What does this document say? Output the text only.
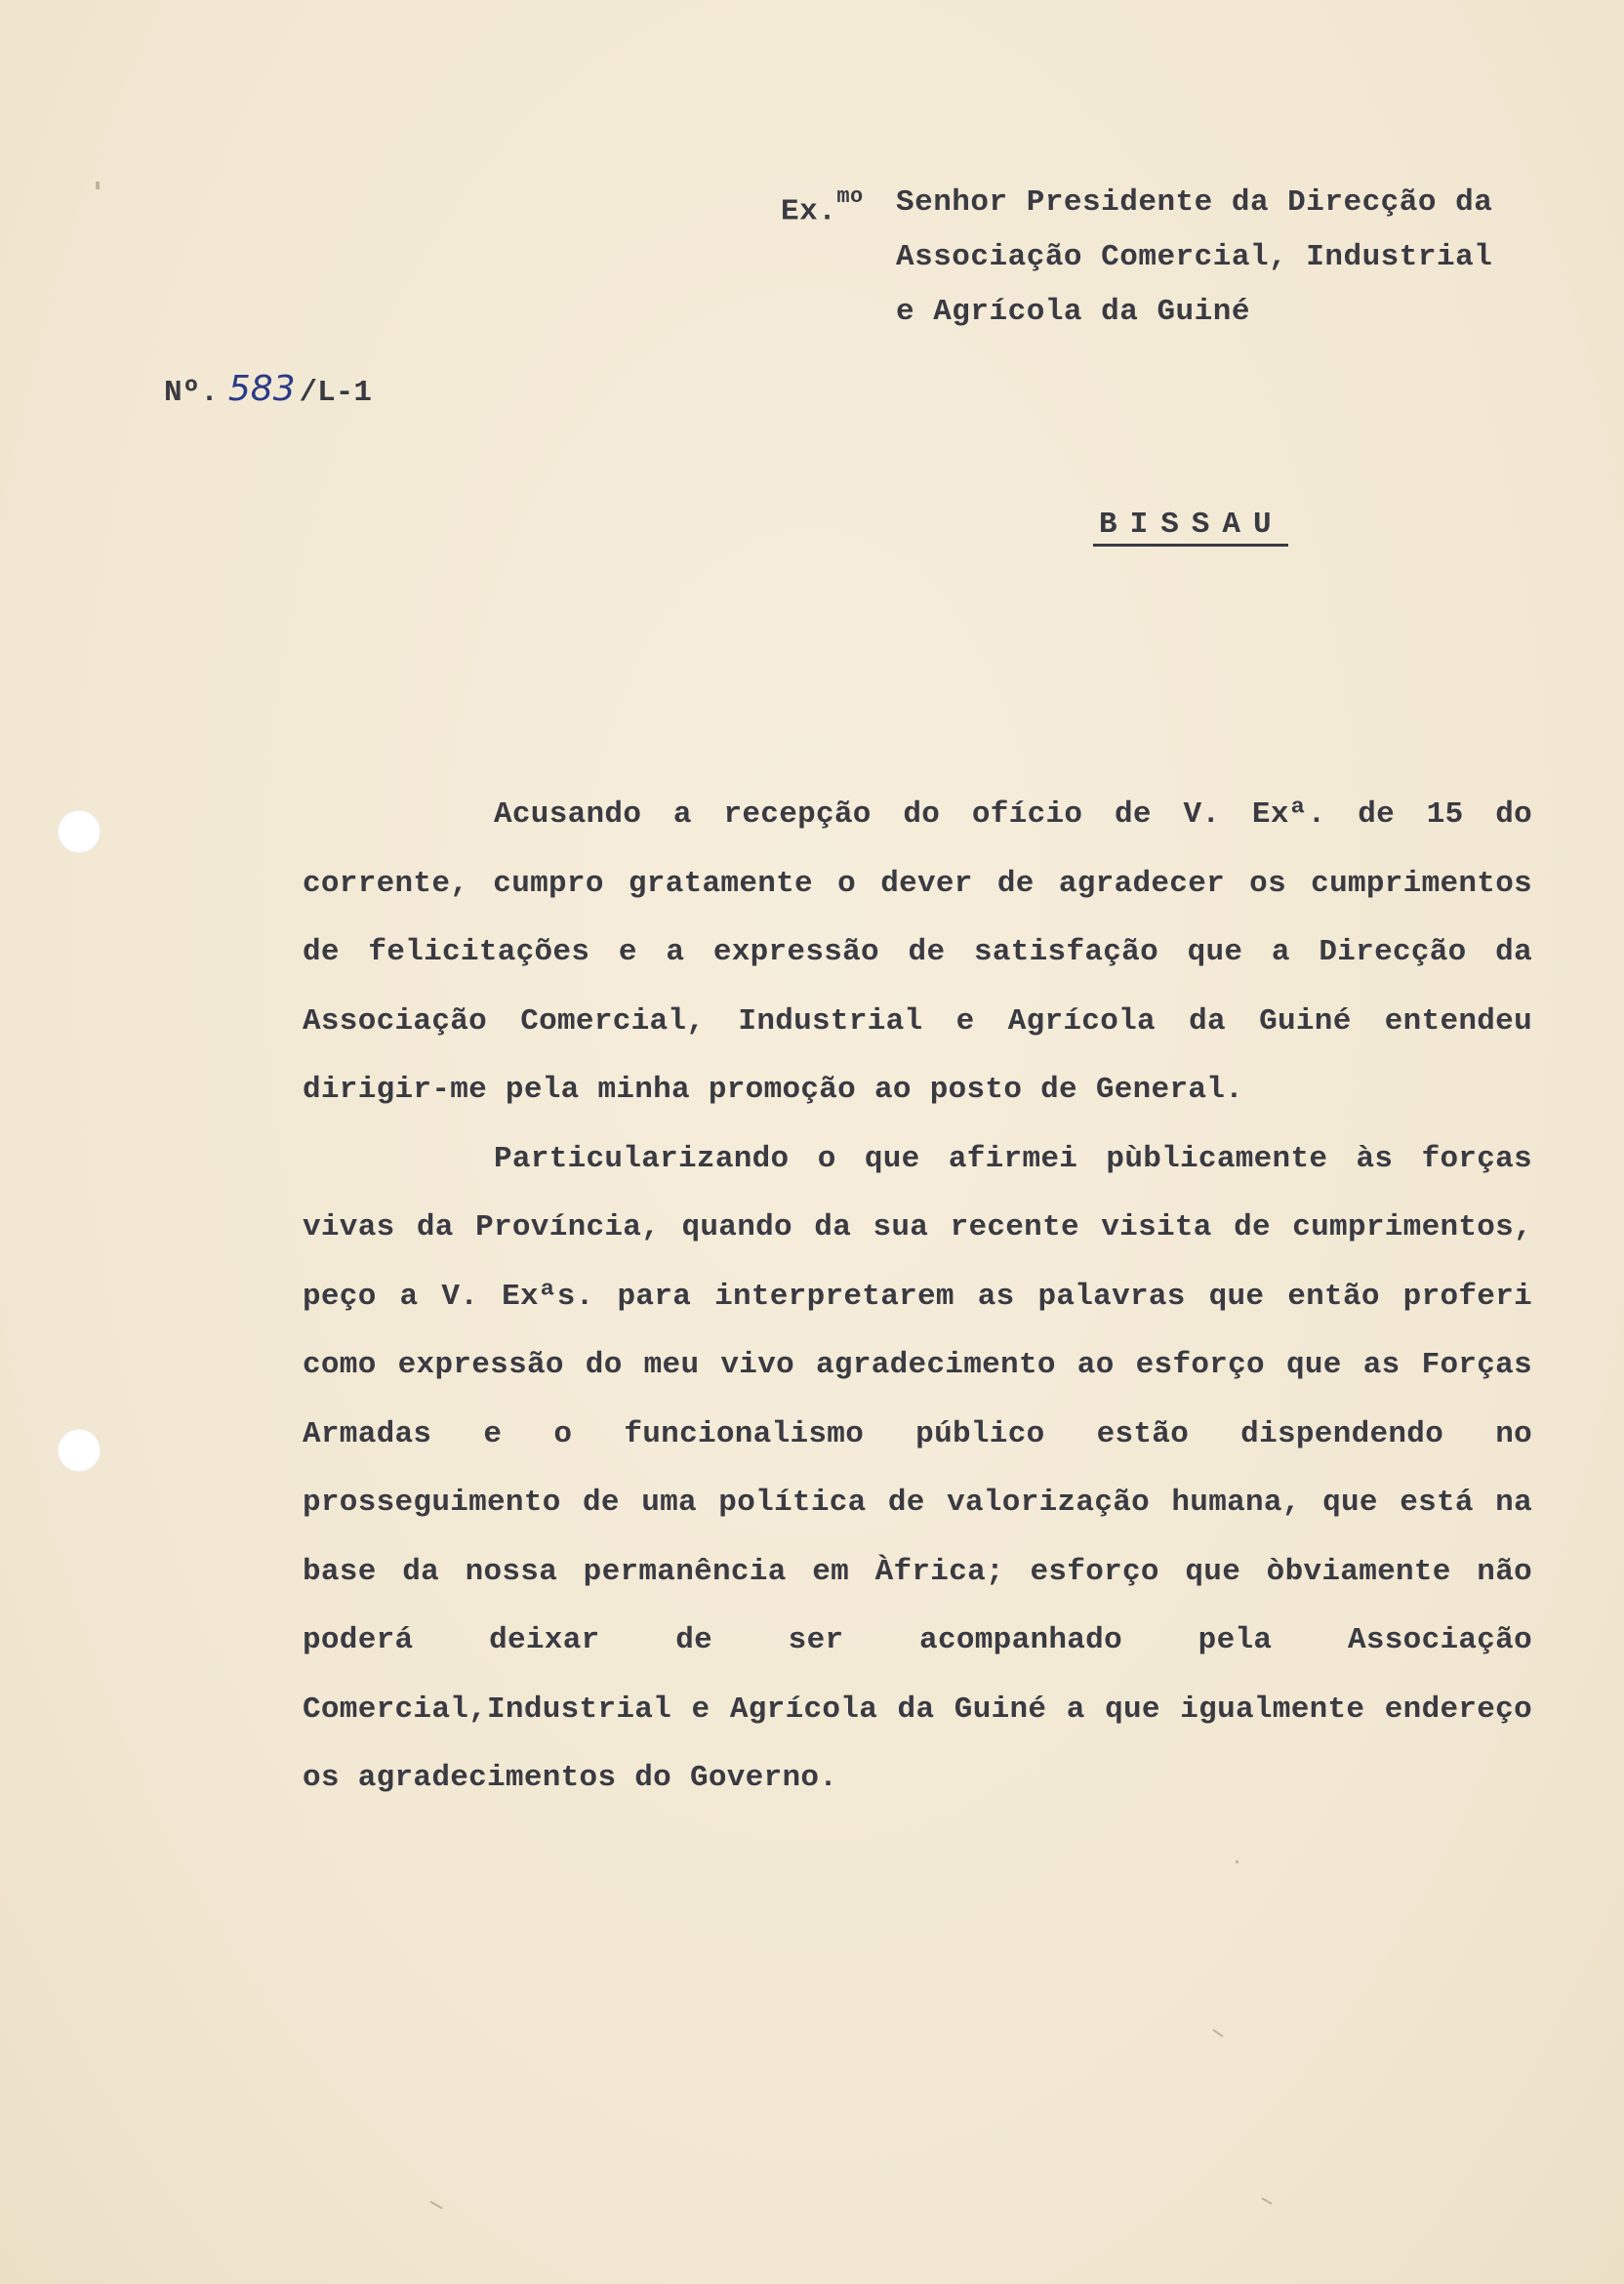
Ex.$^{mo}$	Senhor Presidente da Direcção da
Associação Comercial, Industrial
e Agrícola da Guiné
Nº. 583 /L-1
BISSAU

Acusando a recepção do ofício de V. Exª. de 15 do corrente, cumpro gratamente o dever de agradecer os cumprimentos de felicitações e a expressão de satisfação que a Direcção da Associação Comercial, Industrial e Agrícola da Guiné entendeu dirigir-me pela minha promoção ao posto de General.

Particularizando o que afirmei pùblicamente às forças vivas da Província, quando da sua recente visita de cumprimentos, peço a V. Exªs. para interpretarem as palavras que então proferi como expressão do meu vivo agradecimento ao esforço que as Forças Armadas e o funcionalismo público estão dispendendo no prosseguimento de uma política de valorização humana, que está na base da nossa permanência em Àfrica; esforço que òbviamente não poderá deixar de ser acompanhado pela Associação Comercial,Industrial e Agrícola da Guiné a que igualmente endereço os agradecimentos do Governo.
